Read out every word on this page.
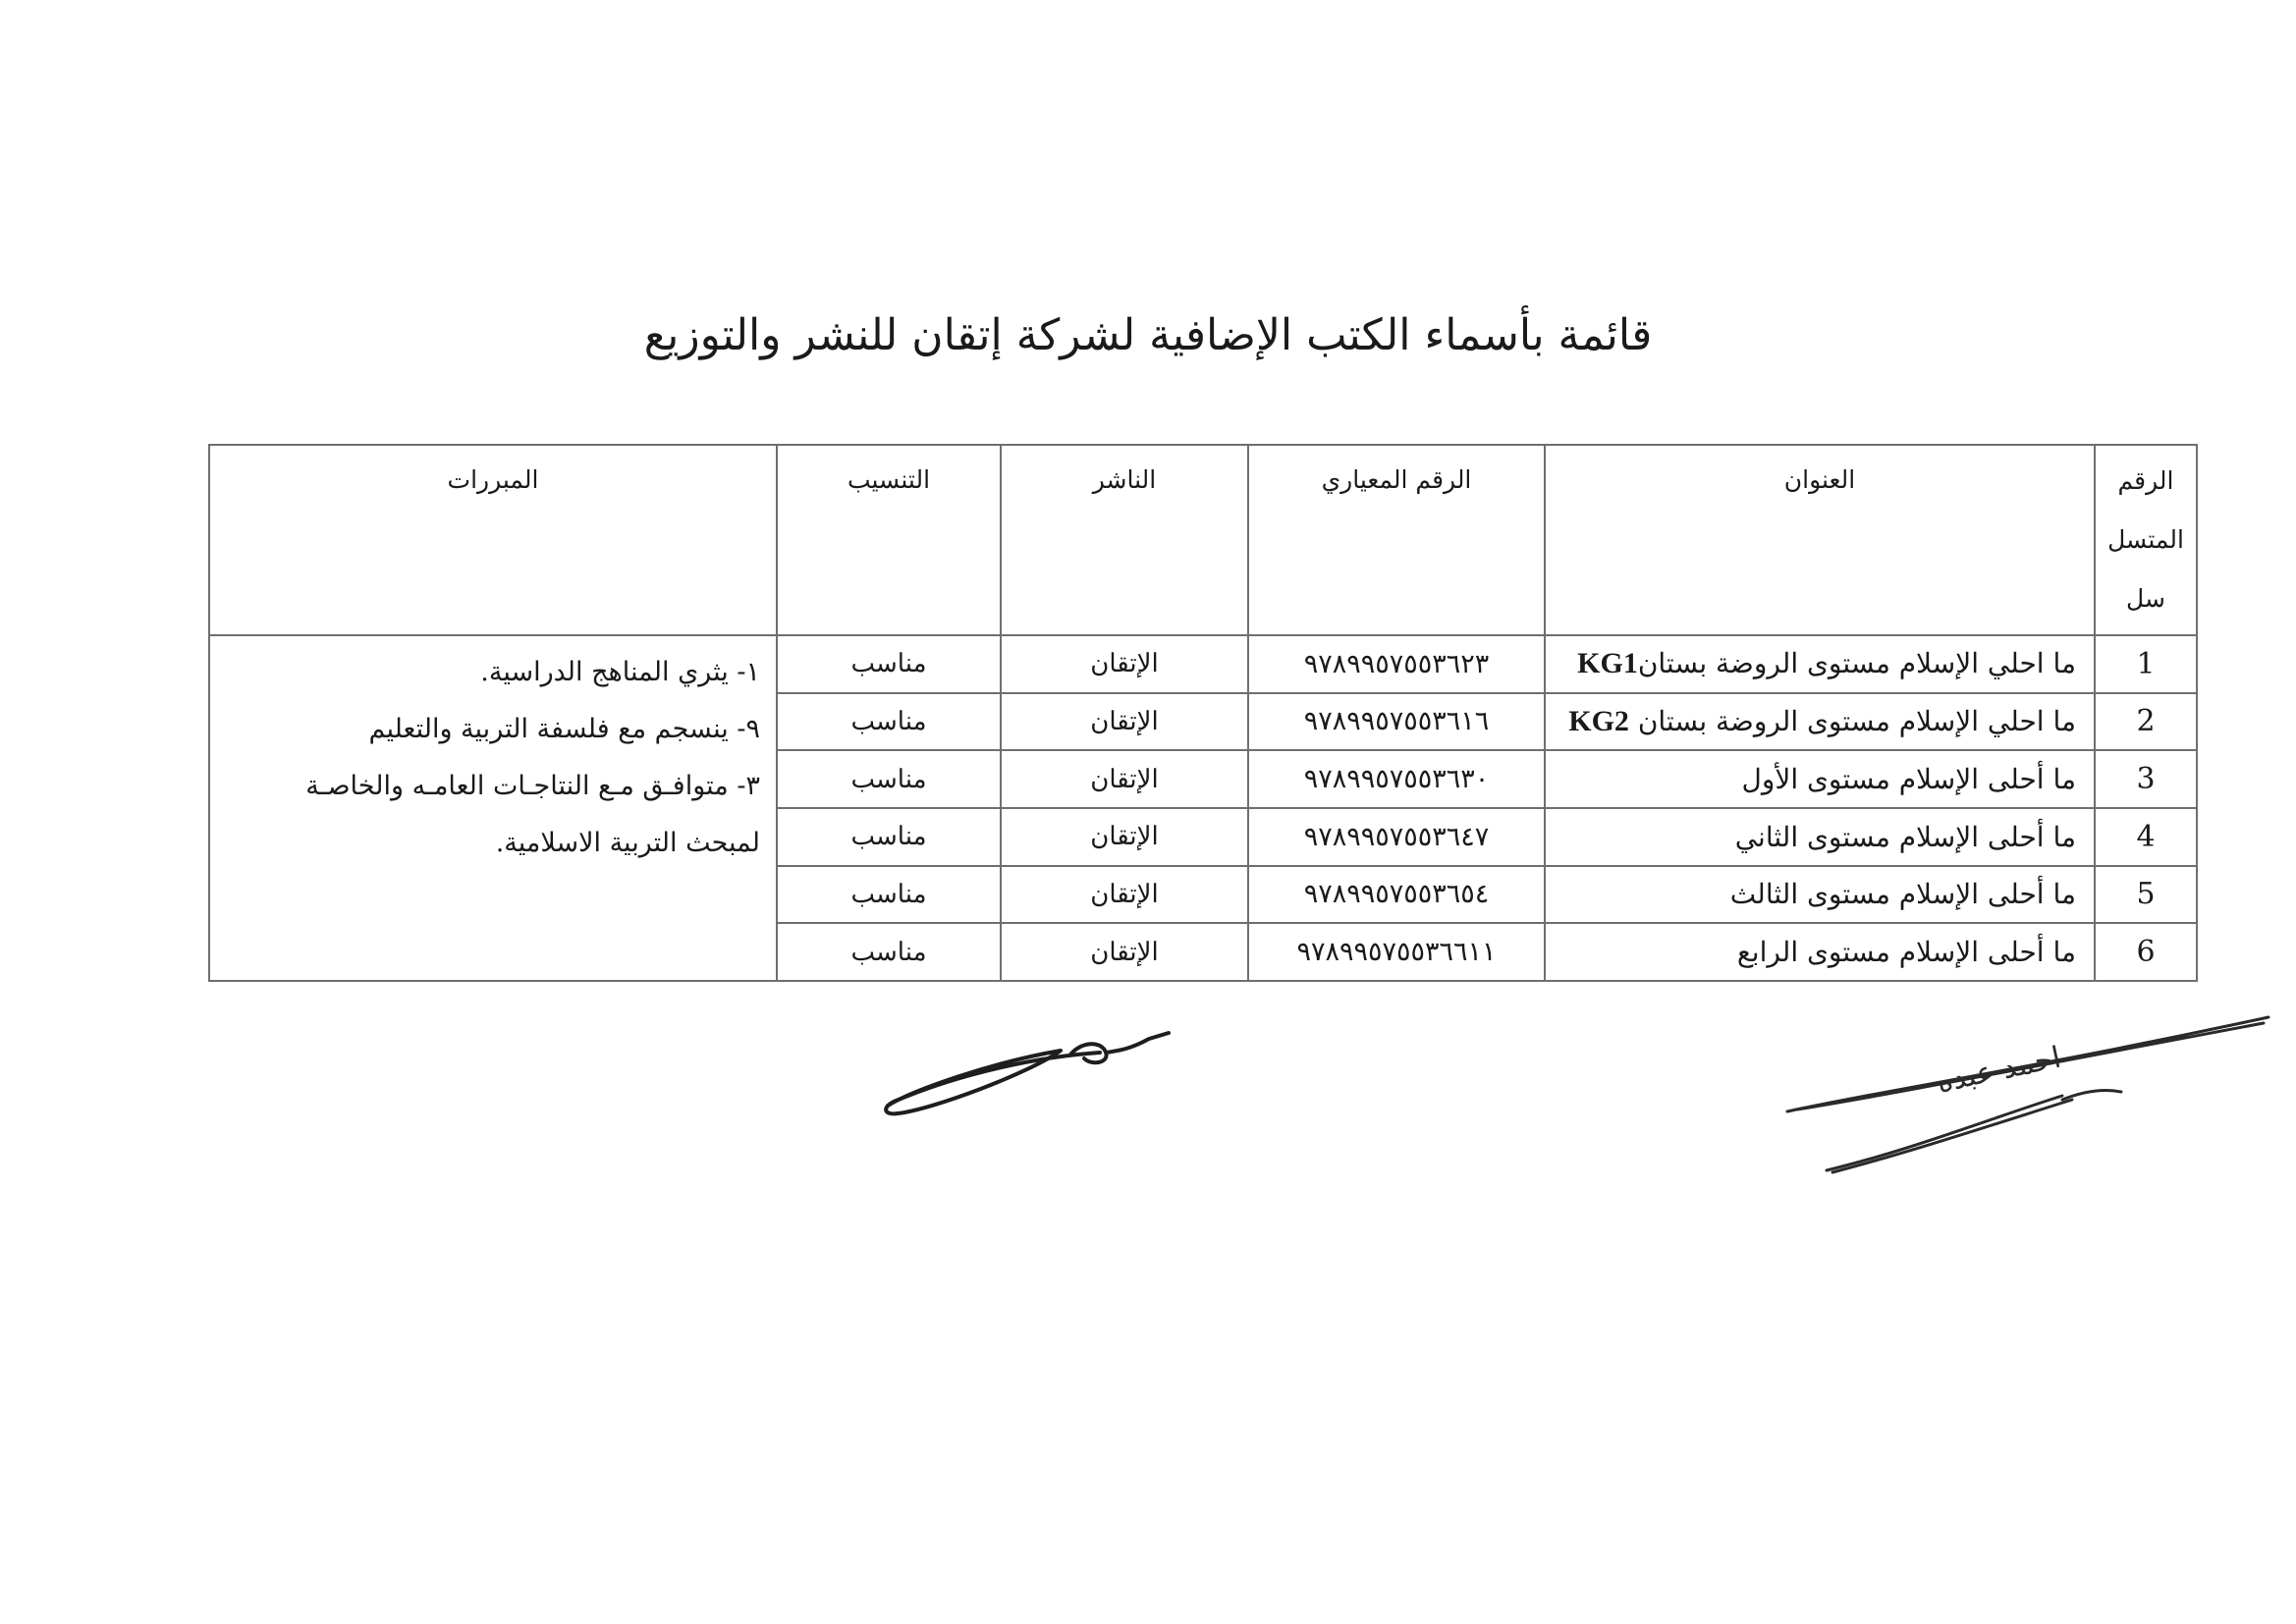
قائمة بأسماء الكتب الإضافية لشركة إتقان للنشر والتوزيع
الرقم
المتسل
سل	العنوان	الرقم المعياري	الناشر	التنسيب	المبررات
1	ما احلي الإسلام مستوى الروضة بستانKG1	٩٧٨٩٩٥٧٥٥٣٦٢٣	الإتقان	مناسب	١- يثري المناهج الدراسية.
٩- ينسجم مع فلسفة التربية والتعليم
٣- متوافـق مـع النتاجـات العامـه والخاصـة
لمبحث التربية الاسلامية.

2	ما احلي الإسلام مستوى الروضة بستان KG2	٩٧٨٩٩٥٧٥٥٣٦١٦	الإتقان	مناسب	
3	ما أحلى الإسلام مستوى الأول	٩٧٨٩٩٥٧٥٥٣٦٣٠	الإتقان	مناسب	
4	ما أحلى الإسلام مستوى الثاني	٩٧٨٩٩٥٧٥٥٣٦٤٧	الإتقان	مناسب	
5	ما أحلى الإسلام مستوى الثالث	٩٧٨٩٩٥٧٥٥٣٦٥٤	الإتقان	مناسب	
6	ما أحلى الإسلام مستوى الرابع	٩٧٨٩٩٥٧٥٥٣٦٦١١	الإتقان	مناسب	
احمد عبده
